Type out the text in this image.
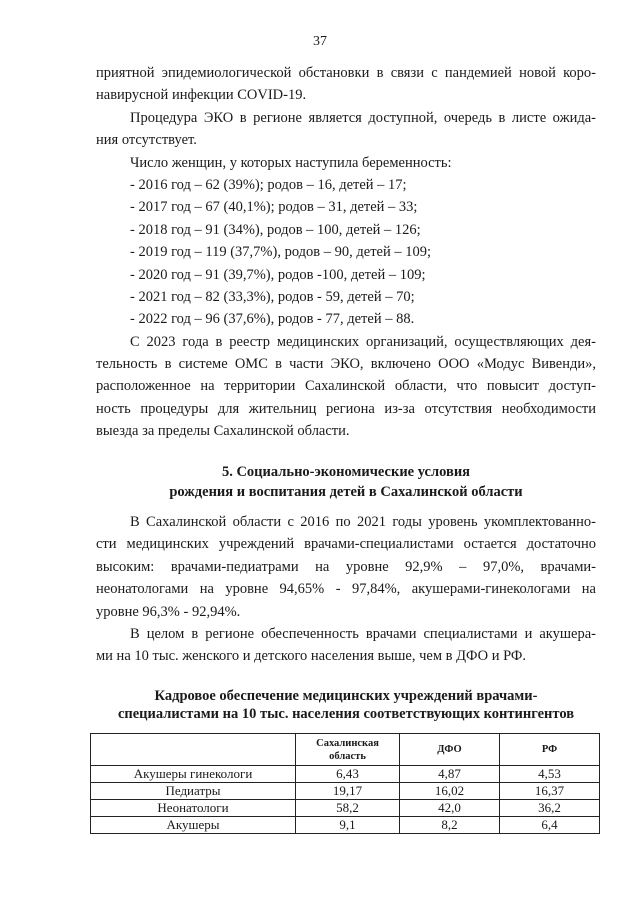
37
приятной эпидемиологической обстановки в связи с пандемией новой коро-
навирусной инфекции COVID-19.
Процедура ЭКО в регионе является доступной, очередь в листе ожида-
ния отсутствует.
Число женщин, у которых наступила беременность:
- 2016 год – 62 (39%); родов – 16, детей – 17;
- 2017 год – 67 (40,1%); родов – 31, детей – 33;
- 2018 год – 91 (34%), родов – 100, детей – 126;
- 2019 год – 119 (37,7%), родов – 90, детей – 109;
- 2020 год – 91 (39,7%), родов -100, детей – 109;
- 2021 год – 82 (33,3%), родов - 59, детей – 70;
- 2022 год – 96 (37,6%), родов - 77, детей – 88.
С 2023 года в реестр медицинских организаций, осуществляющих дея-
тельность в системе ОМС в части ЭКО, включено ООО «Модус Вивенди»,
расположенное на территории Сахалинской области, что повысит доступ-
ность процедуры для жительниц региона из-за отсутствия необходимости
выезда за пределы Сахалинской области.
5. Социально-экономические условия
рождения и воспитания детей в Сахалинской области
В Сахалинской области с 2016 по 2021 годы уровень укомплектованно-
сти медицинских учреждений врачами-специалистами остается достаточно
высоким: врачами-педиатрами на уровне 92,9% – 97,0%, врачами-
неонатологами на уровне 94,65% - 97,84%, акушерами-гинекологами на
уровне 96,3% - 92,94%.
В целом в регионе обеспеченность врачами специалистами и акушера-
ми на 10 тыс. женского и детского населения выше, чем в ДФО и РФ.
Кадровое обеспечение медицинских учреждений врачами-
специалистами на 10 тыс. населения соответствующих контингентов
	Сахалинская область	ДФО	РФ
Акушеры гинекологи	6,43	4,87	4,53
Педиатры	19,17	16,02	16,37
Неонатологи	58,2	42,0	36,2
Акушеры	9,1	8,2	6,4
